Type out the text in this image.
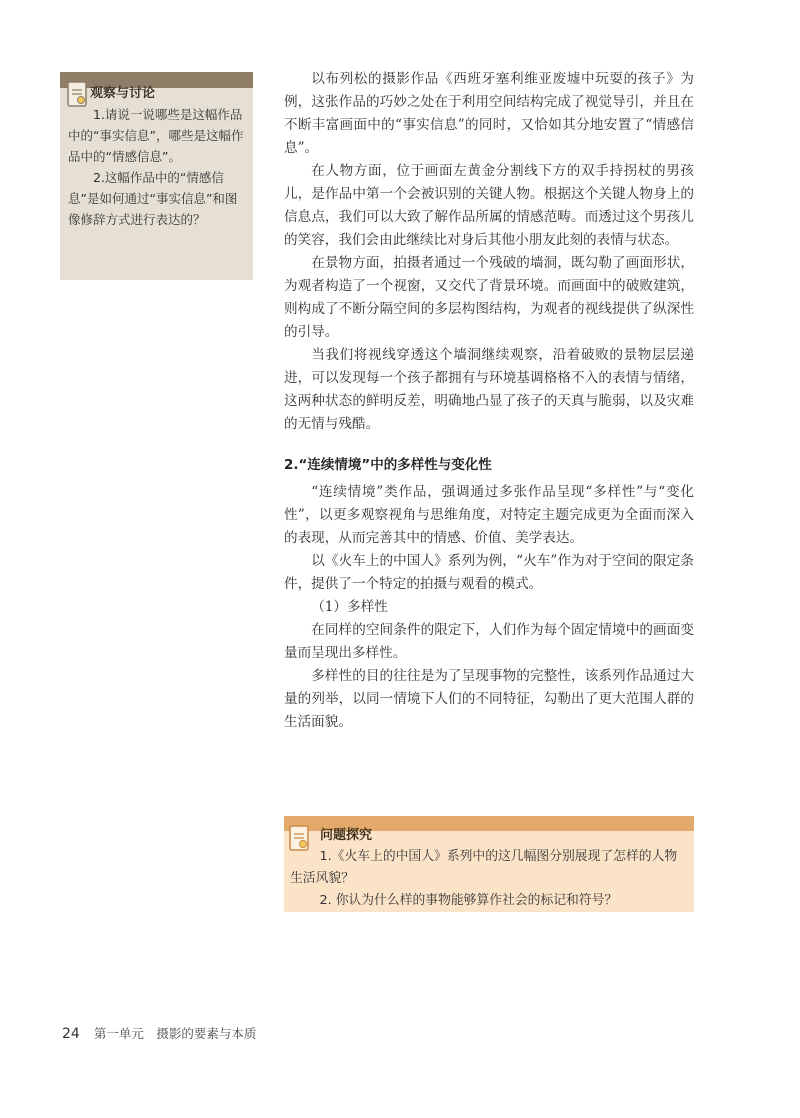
观察与讨论

1.请说一说哪些是这幅作品中的“事实信息”，哪些是这幅作品中的“情感信息”。

2.这幅作品中的“情感信息”是如何通过“事实信息”和图像修辞方式进行表达的？

以布列松的摄影作品《西班牙塞利维亚废墟中玩耍的孩子》为例，这张作品的巧妙之处在于利用空间结构完成了视觉导引，并且在不断丰富画面中的“事实信息”的同时，又恰如其分地安置了“情感信息”。

在人物方面，位于画面左黄金分割线下方的双手持拐杖的男孩儿，是作品中第一个会被识别的关键人物。根据这个关键人物身上的信息点，我们可以大致了解作品所属的情感范畴。而透过这个男孩儿的笑容，我们会由此继续比对身后其他小朋友此刻的表情与状态。

在景物方面，拍摄者通过一个残破的墙洞，既勾勒了画面形状，为观者构造了一个视窗，又交代了背景环境。而画面中的破败建筑，则构成了不断分隔空间的多层构图结构，为观者的视线提供了纵深性的引导。

当我们将视线穿透这个墙洞继续观察，沿着破败的景物层层递进，可以发现每一个孩子都拥有与环境基调格格不入的表情与情绪，这两种状态的鲜明反差，明确地凸显了孩子的天真与脆弱，以及灾难的无情与残酷。

2.“连续情境”中的多样性与变化性

“连续情境”类作品，强调通过多张作品呈现“多样性”与“变化性”，以更多观察视角与思维角度，对特定主题完成更为全面而深入的表现，从而完善其中的情感、价值、美学表达。

以《火车上的中国人》系列为例，“火车”作为对于空间的限定条件，提供了一个特定的拍摄与观看的模式。

（1）多样性

在同样的空间条件的限定下，人们作为每个固定情境中的画面变量而呈现出多样性。

多样性的目的往往是为了呈现事物的完整性，该系列作品通过大量的列举，以同一情境下人们的不同特征，勾勒出了更大范围人群的生活面貌。

问题探究

1.《火车上的中国人》系列中的这几幅图分别展现了怎样的人物生活风貌？

2. 你认为什么样的事物能够算作社会的标记和符号？

24 第一单元　摄影的要素与本质
